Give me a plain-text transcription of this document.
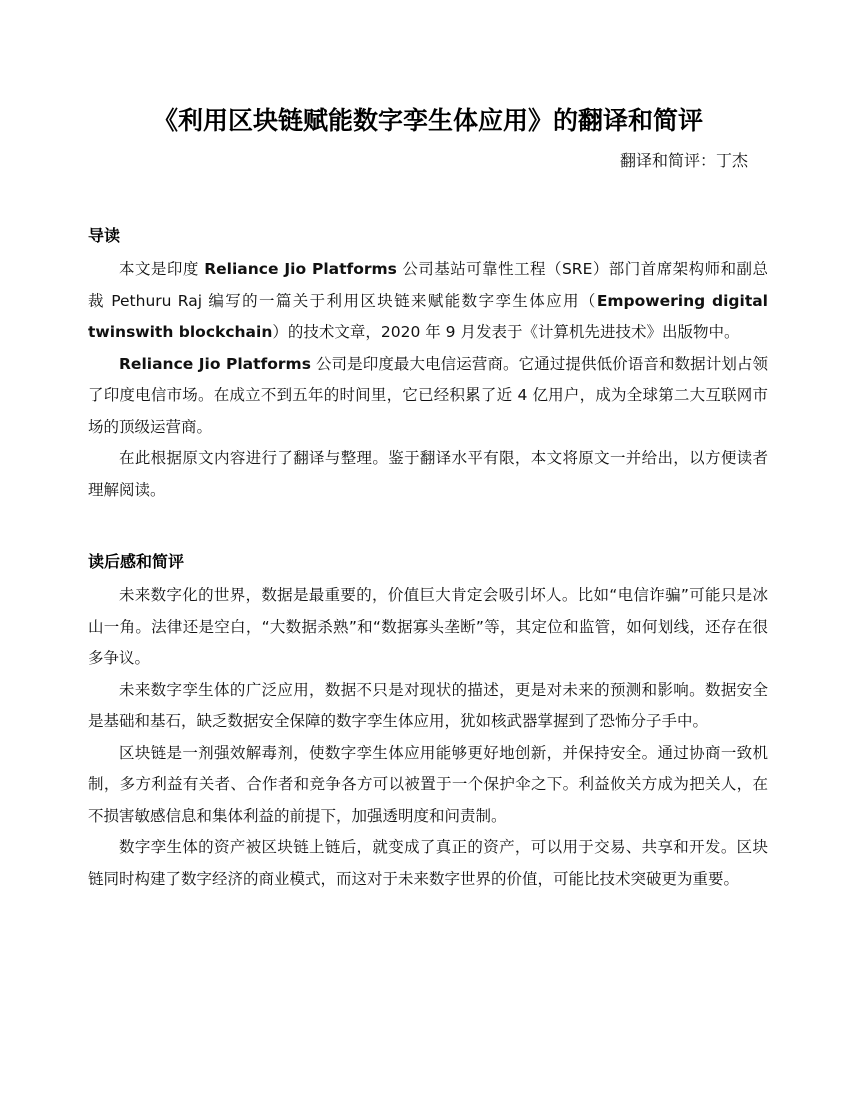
《利用区块链赋能数字孪生体应用》的翻译和简评
翻译和简评：丁杰
导读

本文是印度 Reliance Jio Platforms 公司基站可靠性工程（SRE）部门首席架构师和副总裁 Pethuru Raj 编写的一篇关于利用区块链来赋能数字孪生体应用（Empowering digital twinswith blockchain）的技术文章，2020 年 9 月发表于《计算机先进技术》出版物中。

Reliance Jio Platforms 公司是印度最大电信运营商。它通过提供低价语音和数据计划占领了印度电信市场。在成立不到五年的时间里，它已经积累了近 4 亿用户，成为全球第二大互联网市场的顶级运营商。

在此根据原文内容进行了翻译与整理。鉴于翻译水平有限，本文将原文一并给出，以方便读者理解阅读。

读后感和简评

未来数字化的世界，数据是最重要的，价值巨大肯定会吸引坏人。比如“电信诈骗”可能只是冰山一角。法律还是空白，“大数据杀熟”和“数据寡头垄断”等，其定位和监管，如何划线，还存在很多争议。

未来数字孪生体的广泛应用，数据不只是对现状的描述，更是对未来的预测和影响。数据安全是基础和基石，缺乏数据安全保障的数字孪生体应用，犹如核武器掌握到了恐怖分子手中。

区块链是一剂强效解毒剂，使数字孪生体应用能够更好地创新，并保持安全。通过协商一致机制，多方利益有关者、合作者和竞争各方可以被置于一个保护伞之下。利益攸关方成为把关人，在不损害敏感信息和集体利益的前提下，加强透明度和问责制。

数字孪生体的资产被区块链上链后，就变成了真正的资产，可以用于交易、共享和开发。区块链同时构建了数字经济的商业模式，而这对于未来数字世界的价值，可能比技术突破更为重要。
